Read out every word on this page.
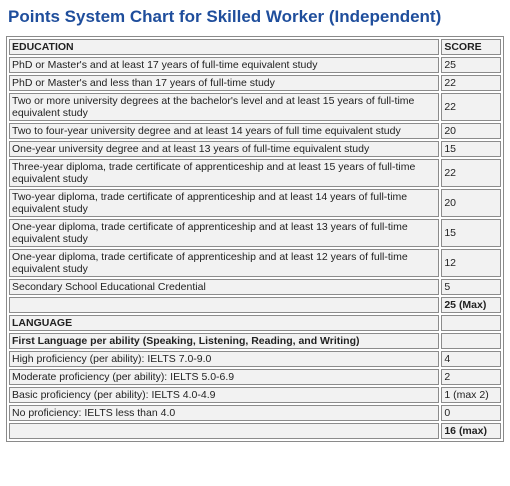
Points System Chart for Skilled Worker (Independent)
EDUCATION	SCORE
PhD or Master's and at least 17 years of full-time equivalent study	25
PhD or Master's and less than 17 years of full-time study	22
Two or more university degrees at the bachelor's level and at least 15 years of full-time equivalent study	22
Two to four-year university degree and at least 14 years of full time equivalent study	20
One-year university degree and at least 13 years of full-time equivalent study	15
Three-year diploma, trade certificate of apprenticeship and at least 15 years of full-time equivalent study	22
Two-year diploma, trade certificate of apprenticeship and at least 14 years of full-time equivalent study	20
One-year diploma, trade certificate of apprenticeship and at least 13 years of full-time equivalent study	15
One-year diploma, trade certificate of apprenticeship and at least 12 years of full-time equivalent study	12
Secondary School Educational Credential	5
	25 (Max)
LANGUAGE	
First Language per ability (Speaking, Listening, Reading, and Writing)	
High proficiency (per ability): IELTS 7.0-9.0	4
Moderate proficiency (per ability): IELTS 5.0-6.9	2
Basic proficiency (per ability): IELTS 4.0-4.9	1 (max 2)
No proficiency: IELTS less than 4.0	0
	16 (max)
